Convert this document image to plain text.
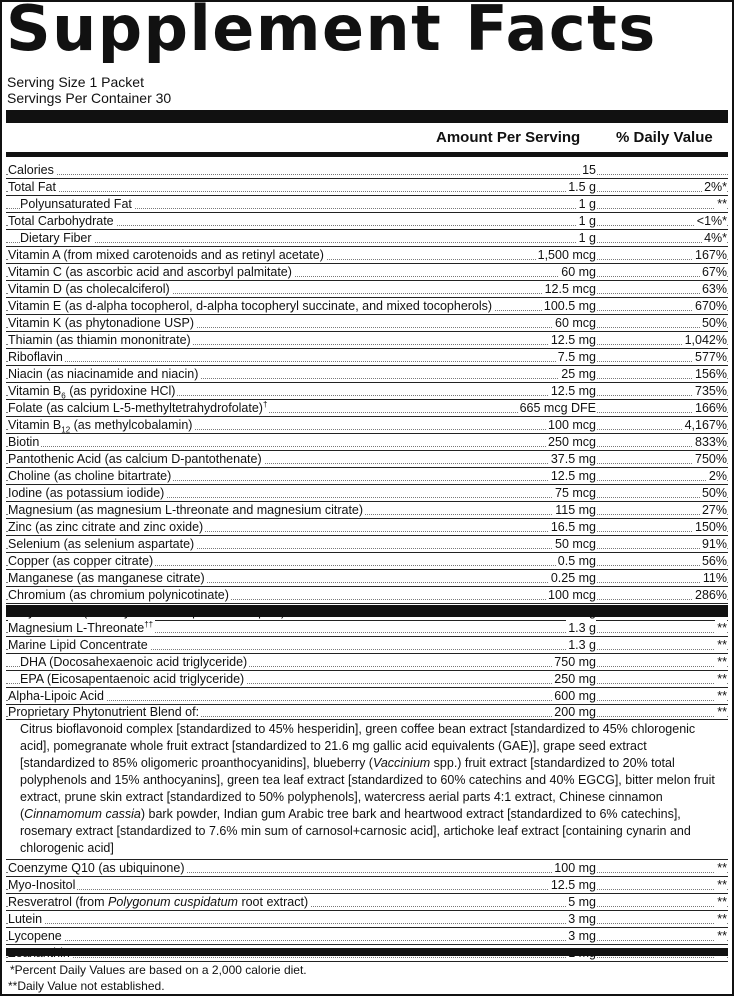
Supplement Facts
Serving Size 1 Packet
Servings Per Container 30
Amount Per Serving % Daily Value
Calories	15
Total Fat	1.5 g	2%*
Polyunsaturated Fat	1 g	**
Total Carbohydrate	1 g	<1%*
Dietary Fiber	1 g	4%*
Vitamin A (from mixed carotenoids and as retinyl acetate)	1,500 mcg	167%
Vitamin C (as ascorbic acid and ascorbyl palmitate)	60 mg	67%
Vitamin D (as cholecalciferol)	12.5 mcg	63%
Vitamin E (as d-alpha tocopherol, d-alpha tocopheryl succinate, and mixed tocopherols)	100.5 mg	670%
Vitamin K (as phytonadione USP)	60 mcg	50%
Thiamin (as thiamin mononitrate)	12.5 mg	1,042%
Riboflavin	7.5 mg	577%
Niacin (as niacinamide and niacin)	25 mg	156%
Vitamin $B_6$ (as pyridoxine HCl)	12.5 mg	735%
Folate (as calcium L-5-methyltetrahydrofolate)†	665 mcg DFE	166%
Vitamin $B_{12}$ (as methylcobalamin)	100 mcg	4,167%
Biotin	250 mcg	833%
Pantothenic Acid (as calcium D-pantothenate)	37.5 mg	750%
Choline (as choline bitartrate)	12.5 mg	2%
Iodine (as potassium iodide)	75 mcg	50%
Magnesium (as magnesium L-threonate and magnesium citrate)	115 mg	27%
Zinc (as zinc citrate and zinc oxide)	16.5 mg	150%
Selenium (as selenium aspartate)	50 mcg	91%
Copper (as copper citrate)	0.5 mg	56%
Manganese (as manganese citrate)	0.25 mg	11%
Chromium (as chromium polynicotinate)	100 mcg	286%
Magnesium L-Threonate††	1.3 g	**
Marine Lipid Concentrate	1.3 g	**
DHA (Docosahexaenoic acid triglyceride)	750 mg	**
EPA (Eicosapentaenoic acid triglyceride)	250 mg	**
Alpha-Lipoic Acid	600 mg	**
Proprietary Phytonutrient Blend of:	200 mg	**
Citrus bioflavonoid complex [standardized to 45% hesperidin], green coffee bean extract [standardized to 45% chlorogenic acid], pomegranate whole fruit extract [standardized to 21.6 mg gallic acid equivalents (GAE)], grape seed extract [standardized to 85% oligomeric proanthocyanidins], blueberry (Vaccinium spp.) fruit extract [standardized to 20% total polyphenols and 15% anthocyanins], green tea leaf extract [standardized to 60% catechins and 40% EGCG], bitter melon fruit extract, prune skin extract [standardized to 50% polyphenols], watercress aerial parts 4:1 extract, Chinese cinnamon (Cinnamomum cassia) bark powder, Indian gum Arabic tree bark and heartwood extract [standardized to 6% catechins], rosemary extract [standardized to 7.6% min sum of carnosol+carnosic acid], artichoke leaf extract [containing cynarin and chlorogenic acid]
Coenzyme Q10 (as ubiquinone)	100 mg	**
Myo-Inositol	12.5 mg	**
Resveratrol (from Polygonum cuspidatum root extract)	5 mg	**
Lutein	3 mg	**
Lycopene	3 mg	**
*Percent Daily Values are based on a 2,000 calorie diet.
**Daily Value not established.
